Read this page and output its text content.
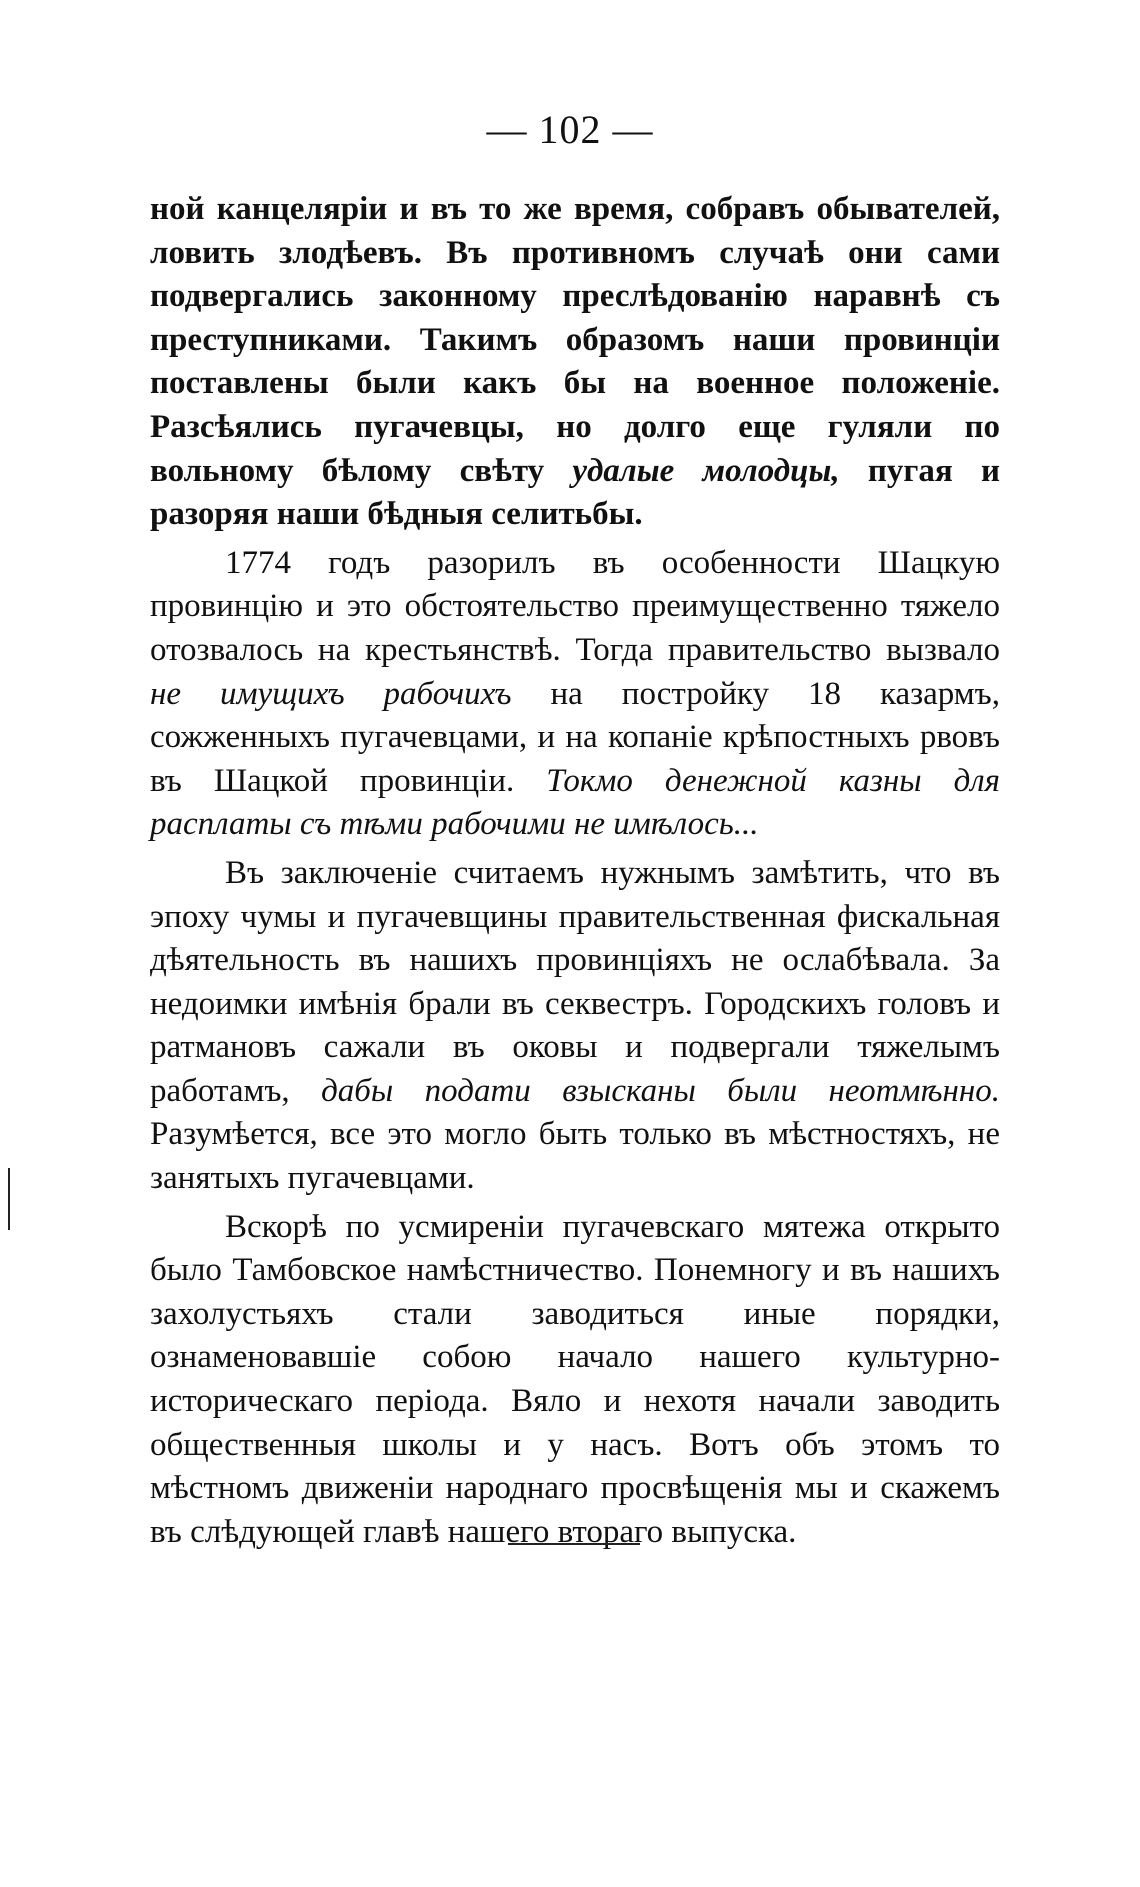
— 102 —

ной канцеляріи и въ то же время, собравъ обывателей, ловить злодѣевъ. Въ противномъ случаѣ они сами подвергались законному преслѣдованію наравнѣ съ преступниками. Такимъ образомъ наши провинціи поставлены были какъ бы на военное положеніе. Разсѣялись пугачевцы, но долго еще гуляли по вольному бѣлому свѣту удалые молодцы, пугая и разоряя наши бѣдныя селитьбы.

1774 годъ разорилъ въ особенности Шацкую провинцію и это обстоятельство преимущественно тяжело отозвалось на крестьянствѣ. Тогда правительство вызвало не имущихъ рабочихъ на постройку 18 казармъ, сожженныхъ пугачевцами, и на копаніе крѣпостныхъ рвовъ въ Шацкой провинціи. Токмо денежной казны для расплаты съ тѣми рабочими не имѣлось...

Въ заключеніе считаемъ нужнымъ замѣтить, что въ эпоху чумы и пугачевщины правительственная фискальная дѣятельность въ нашихъ провинціяхъ не ослабѣвала. За недоимки имѣнія брали въ секвестръ. Городскихъ головъ и ратмановъ сажали въ оковы и подвергали тяжелымъ работамъ, дабы подати взысканы были неотмѣнно. Разумѣется, все это могло быть только въ мѣстностяхъ, не занятыхъ пугачевцами.

Вскорѣ по усмиреніи пугачевскаго мятежа открыто было Тамбовское намѣстничество. Понемногу и въ нашихъ захолустьяхъ стали заводиться иные порядки, ознаменовавшіе собою начало нашего культурно-историческаго періода. Вяло и нехотя начали заводить общественныя школы и у насъ. Вотъ объ этомъ то мѣстномъ движеніи народнаго просвѣщенія мы и скажемъ въ слѣдующей главѣ нашего втораго выпуска.
